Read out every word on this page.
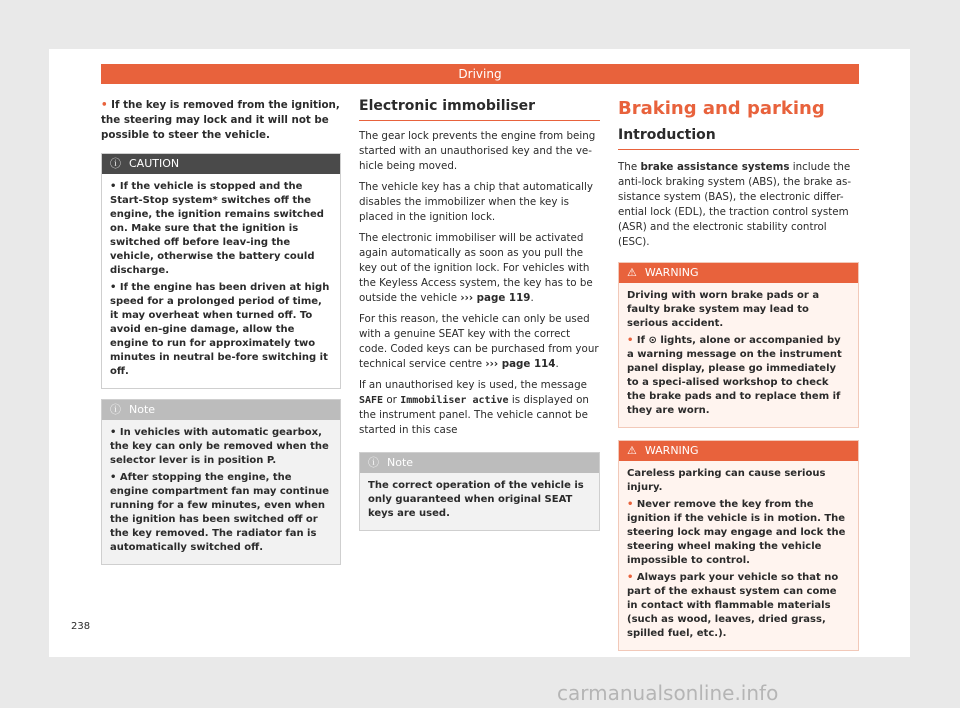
Driving

• If the key is removed from the ignition, the steering may lock and it will not be possible to steer the vehicle.

ⓘ CAUTION

• If the vehicle is stopped and the Start-Stop system* switches off the engine, the ignition remains switched on. Make sure that the ignition is switched off before leav-ing the vehicle, otherwise the battery could discharge.

• If the engine has been driven at high speed for a prolonged period of time, it may overheat when turned off. To avoid en-gine damage, allow the engine to run for approximately two minutes in neutral be-fore switching it off.

ⓘ Note

• In vehicles with automatic gearbox, the key can only be removed when the selector lever is in position P.

• After stopping the engine, the engine compartment fan may continue running for a few minutes, even when the ignition has been switched off or the key removed. The radiator fan is automatically switched off.

Electronic immobiliser

The gear lock prevents the engine from being started with an unauthorised key and the ve-hicle being moved.

The vehicle key has a chip that automatically disables the immobilizer when the key is placed in the ignition lock.

The electronic immobiliser will be activated again automatically as soon as you pull the key out of the ignition lock. For vehicles with the Keyless Access system, the key has to be outside the vehicle ››› page 119.

For this reason, the vehicle can only be used with a genuine SEAT key with the correct code. Coded keys can be purchased from your technical service centre ››› page 114.

If an unauthorised key is used, the message SAFE or Immobiliser active is displayed on the instrument panel. The vehicle cannot be started in this case

ⓘ Note

The correct operation of the vehicle is only guaranteed when original SEAT keys are used.

Braking and parking
Introduction

The brake assistance systems include the anti-lock braking system (ABS), the brake as-sistance system (BAS), the electronic differ-ential lock (EDL), the traction control system (ASR) and the electronic stability control (ESC).

⚠ WARNING

Driving with worn brake pads or a faulty brake system may lead to serious accident.

• If ⊙ lights, alone or accompanied by a warning message on the instrument panel display, please go immediately to a speci-alised workshop to check the brake pads and to replace them if they are worn.

⚠ WARNING

Careless parking can cause serious injury.

• Never remove the key from the ignition if the vehicle is in motion. The steering lock may engage and lock the steering wheel making the vehicle impossible to control.

• Always park your vehicle so that no part of the exhaust system can come in contact with flammable materials (such as wood, leaves, dried grass, spilled fuel, etc.).

238
carmanualsonline.info
